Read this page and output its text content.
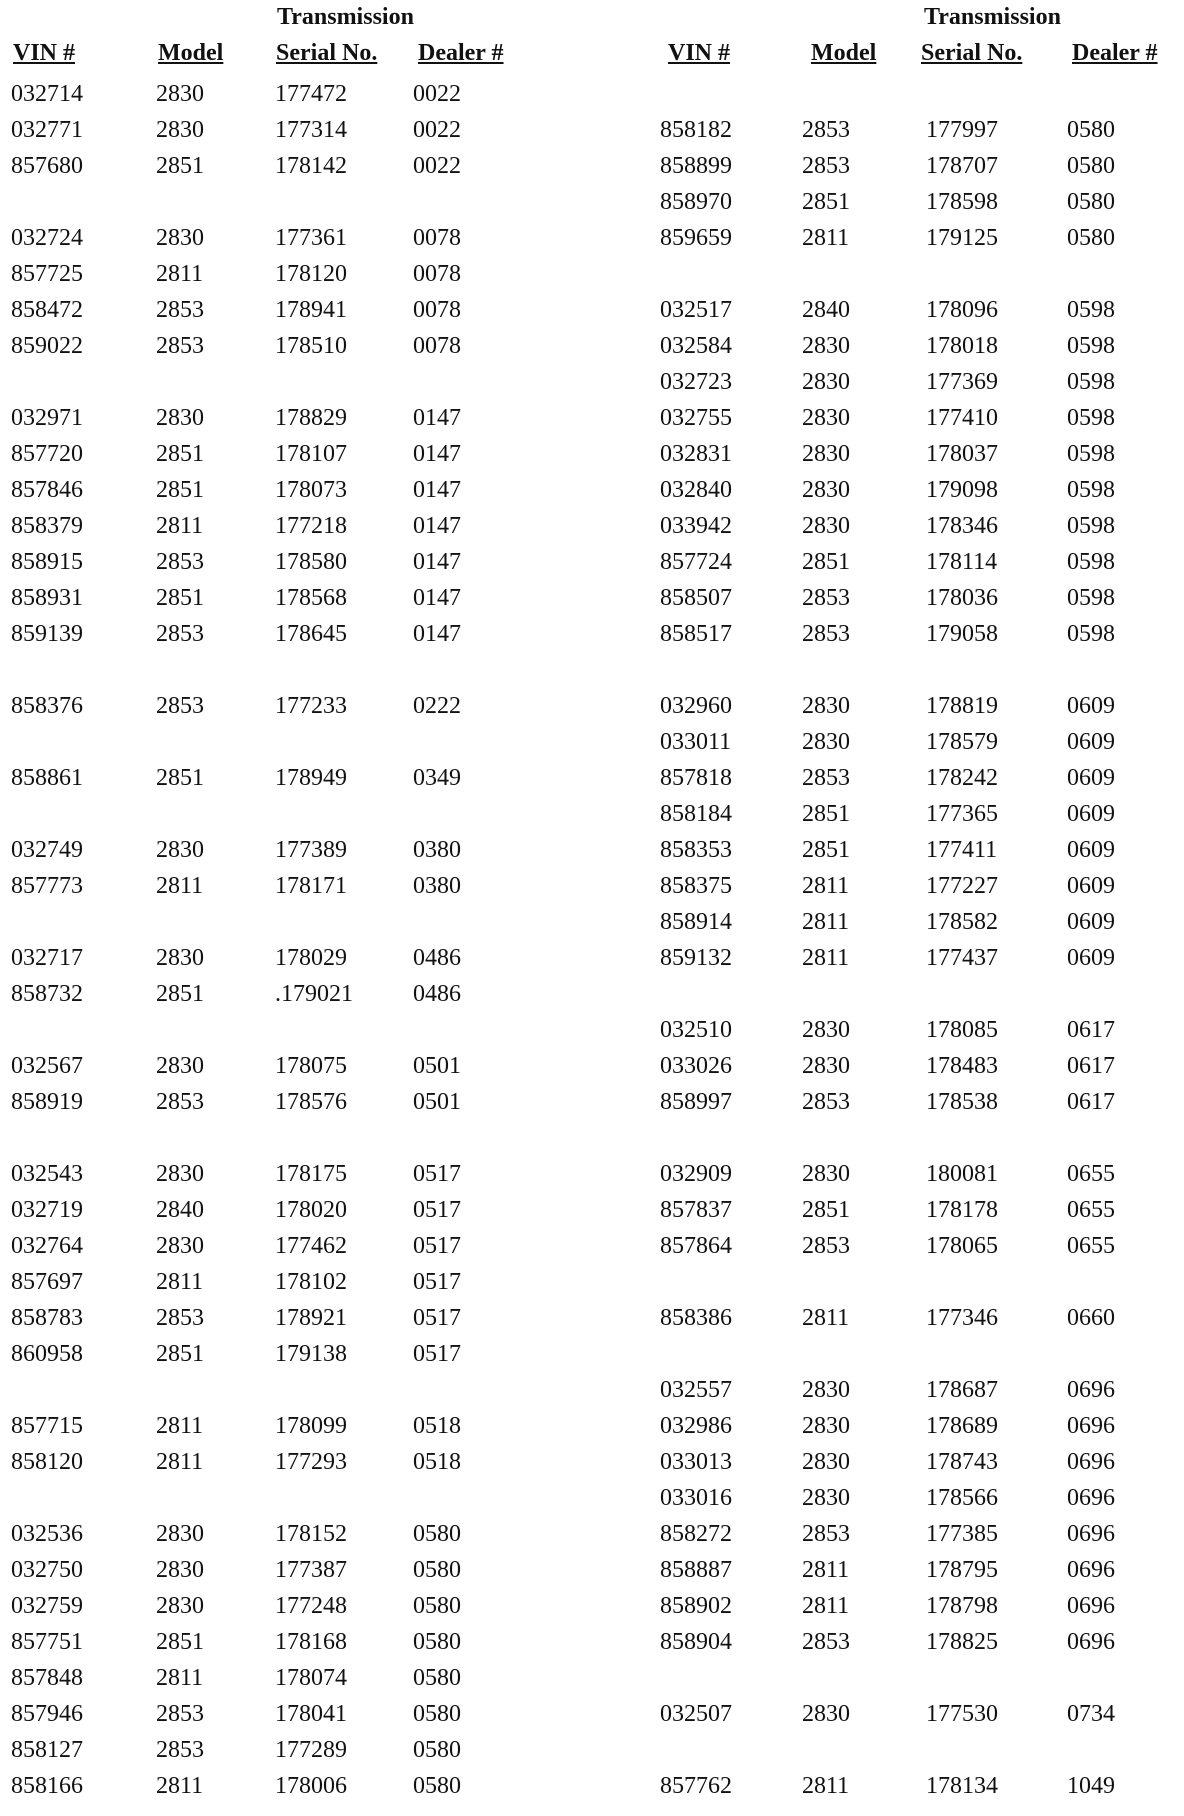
Transmission
VIN #	Model Serial No. Dealer #
032714	2830	177472	0022
032771	2830	177314	0022
857680	2851	178142	0022
032724	2830	177361	0078
857725	2811	178120	0078
858472	2853	178941	0078
859022	2853	178510	0078
032971	2830	178829	0147
857720	2851	178107	0147
857846	2851	178073	0147
858379	2811	177218	0147
858915	2853	178580	0147
858931	2851	178568	0147
859139	2853	178645	0147
858376	2853	177233	0222
858861	2851	178949	0349
032749	2830	177389	0380
857773	2811	178171	0380
032717	2830	178029	0486
858732	2851	.179021	0486
032567	2830	178075	0501
858919	2853	178576	0501
032543	2830	178175	0517
032719	2840	178020	0517
032764	2830	177462	0517
857697	2811	178102	0517
858783	2853	178921	0517
860958	2851	179138	0517
857715	2811	178099	0518
858120	2811	177293	0518
032536	2830	178152	0580
032750	2830	177387	0580
032759	2830	177248	0580
857751	2851	178168	0580
857848	2811	178074	0580
857946	2853	178041	0580
858127	2853	177289	0580
858166	2811	178006	0580
Transmission
VIN #	Model Serial No. Dealer #
858182	2853	177997	0580
858899	2853	178707	0580
858970	2851	178598	0580
859659	2811	179125	0580
032517	2840	178096	0598
032584	2830	178018	0598
032723	2830	177369	0598
032755	2830	177410	0598
032831	2830	178037	0598
032840	2830	179098	0598
033942	2830	178346	0598
857724	2851	178114	0598
858507	2853	178036	0598
858517	2853	179058	0598
032960	2830	178819	0609
033011	2830	178579	0609
857818	2853	178242	0609
858184	2851	177365	0609
858353	2851	177411	0609
858375	2811	177227	0609
858914	2811	178582	0609
859132	2811	177437	0609
032510	2830	178085	0617
033026	2830	178483	0617
858997	2853	178538	0617
032909	2830	180081	0655
857837	2851	178178	0655
857864	2853	178065	0655
858386	2811	177346	0660
032557	2830	178687	0696
032986	2830	178689	0696
033013	2830	178743	0696
033016	2830	178566	0696
858272	2853	177385	0696
858887	2811	178795	0696
858902	2811	178798	0696
858904	2853	178825	0696
032507	2830	177530	0734
857762	2811	178134	1049
